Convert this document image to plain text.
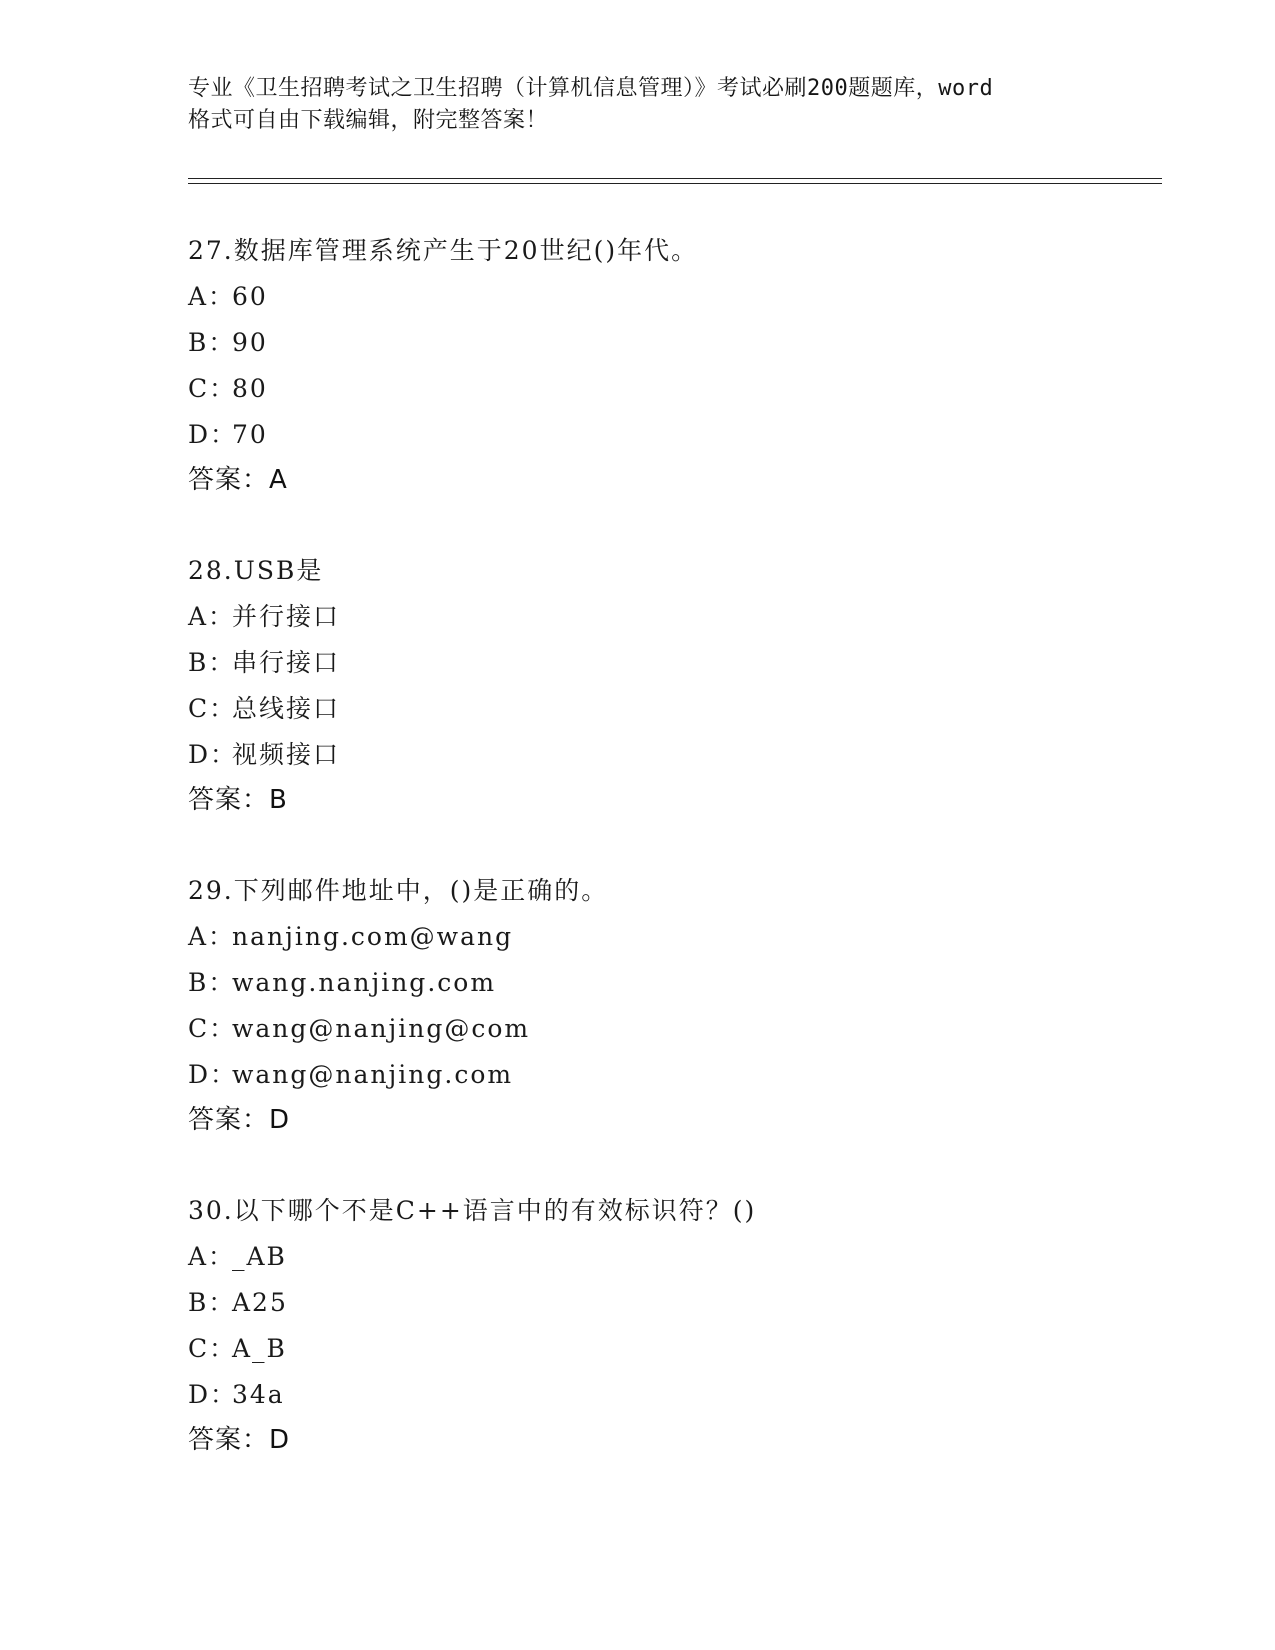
专业《卫生招聘考试之卫生招聘（计算机信息管理）》考试必刷200题题库，word
格式可自由下载编辑，附完整答案！
27.数据库管理系统产生于20世纪()年代。
A：60
B：90
C：80
D：70
答案：A
28.USB是
A：并行接口
B：串行接口
C：总线接口
D：视频接口
答案：B
29.下列邮件地址中，()是正确的。
A：nanjing.com@wang
B：wang.nanjing.com
C：wang@nanjing@com
D：wang@nanjing.com
答案：D
30.以下哪个不是C++语言中的有效标识符？()
A：_AB
B：A25
C：A_B
D：34a
答案：D
